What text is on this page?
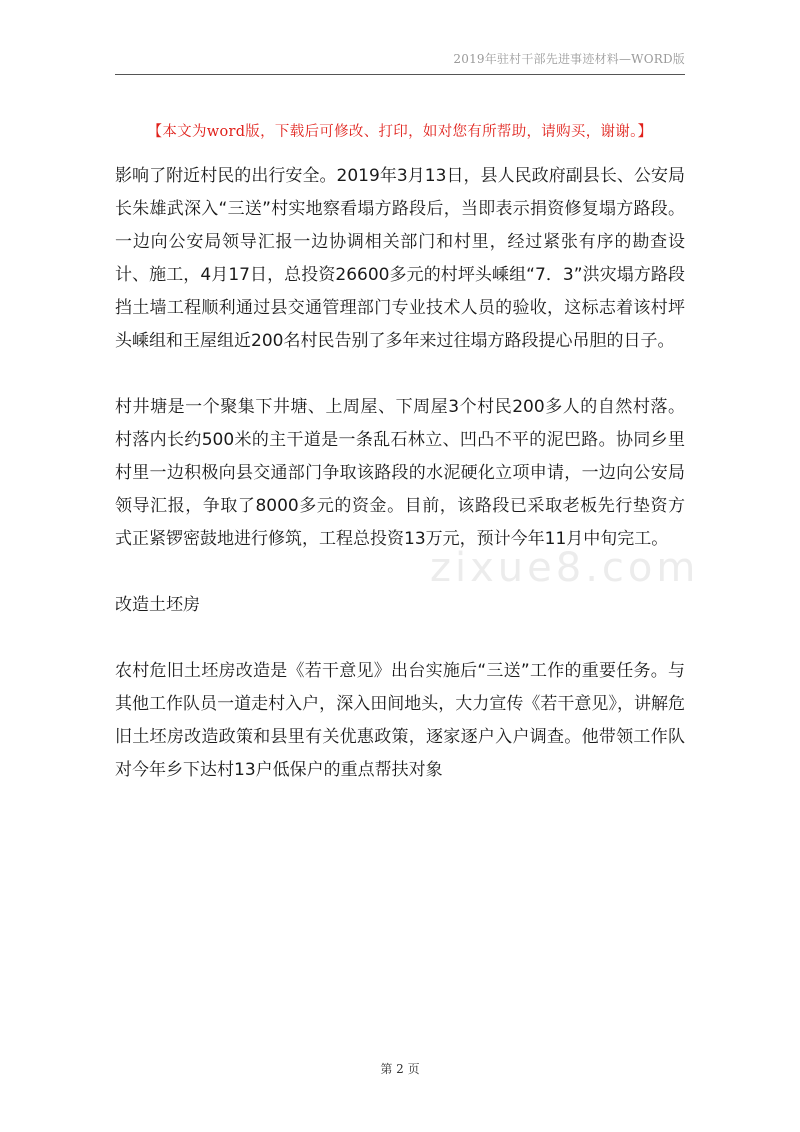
2019年驻村干部先进事迹材料—WORD版
【本文为word版，下载后可修改、打印，如对您有所帮助，请购买，谢谢。】
zixue8.com

影响了附近村民的出行安全。2019年3月13日，县人民政府副县长、公安局长朱雄武深入“三送”村实地察看塌方路段后，当即表示捐资修复塌方路段。一边向公安局领导汇报一边协调相关部门和村里，经过紧张有序的勘查设计、施工，4月17日，总投资26600多元的村坪头嵊组“7．3”洪灾塌方路段挡土墙工程顺利通过县交通管理部门专业技术人员的验收，这标志着该村坪头嵊组和王屋组近200名村民告别了多年来过往塌方路段提心吊胆的日子。

村井塘是一个聚集下井塘、上周屋、下周屋3个村民200多人的自然村落。村落内长约500米的主干道是一条乱石林立、凹凸不平的泥巴路。协同乡里村里一边积极向县交通部门争取该路段的水泥硬化立项申请，一边向公安局领导汇报，争取了8000多元的资金。目前，该路段已采取老板先行垫资方式正紧锣密鼓地进行修筑，工程总投资13万元，预计今年11月中旬完工。

改造土坯房

农村危旧土坯房改造是《若干意见》出台实施后“三送”工作的重要任务。与其他工作队员一道走村入户，深入田间地头，大力宣传《若干意见》，讲解危旧土坯房改造政策和县里有关优惠政策，逐家逐户入户调查。他带领工作队对今年乡下达村13户低保户的重点帮扶对象

第 2 页
